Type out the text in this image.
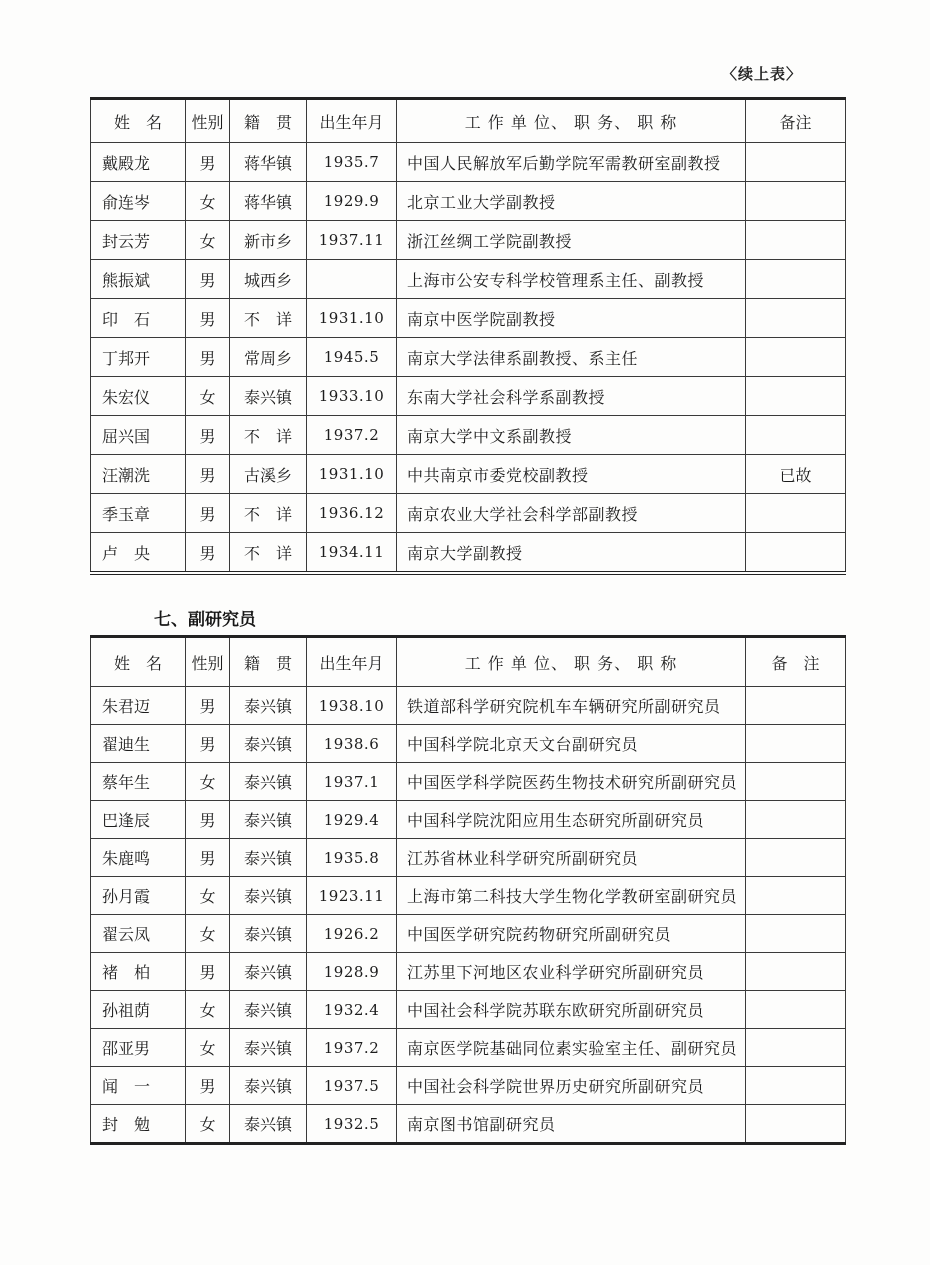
〈续上表〉
姓　名	性别	籍　贯	出生年月	工 作 单 位、 职 务、 职 称	备注
戴殿龙	男	蒋华镇	1935.7	中国人民解放军后勤学院军需教研室副教授	
俞连岑	女	蒋华镇	1929.9	北京工业大学副教授	
封云芳	女	新市乡	1937.11	浙江丝绸工学院副教授	
熊振斌	男	城西乡		上海市公安专科学校管理系主任、副教授	
印　石	男	不　详	1931.10	南京中医学院副教授	
丁邦开	男	常周乡	1945.5	南京大学法律系副教授、系主任	
朱宏仪	女	泰兴镇	1933.10	东南大学社会科学系副教授	
屈兴国	男	不　详	1937.2	南京大学中文系副教授	
汪潮洗	男	古溪乡	1931.10	中共南京市委党校副教授	已故
季玉章	男	不　详	1936.12	南京农业大学社会科学部副教授	
卢　央	男	不　详	1934.11	南京大学副教授	
七、副研究员
姓　名	性别	籍　贯	出生年月	工 作 单 位、 职 务、 职 称	备　注
朱君迈	男	泰兴镇	1938.10	铁道部科学研究院机车车辆研究所副研究员	
翟迪生	男	泰兴镇	1938.6	中国科学院北京天文台副研究员	
蔡年生	女	泰兴镇	1937.1	中国医学科学院医药生物技术研究所副研究员	
巴逢辰	男	泰兴镇	1929.4	中国科学院沈阳应用生态研究所副研究员	
朱鹿鸣	男	泰兴镇	1935.8	江苏省林业科学研究所副研究员	
孙月霞	女	泰兴镇	1923.11	上海市第二科技大学生物化学教研室副研究员	
翟云凤	女	泰兴镇	1926.2	中国医学研究院药物研究所副研究员	
褚　柏	男	泰兴镇	1928.9	江苏里下河地区农业科学研究所副研究员	
孙祖荫	女	泰兴镇	1932.4	中国社会科学院苏联东欧研究所副研究员	
邵亚男	女	泰兴镇	1937.2	南京医学院基础同位素实验室主任、副研究员	
闻　一	男	泰兴镇	1937.5	中国社会科学院世界历史研究所副研究员	
封　勉	女	泰兴镇	1932.5	南京图书馆副研究员	
